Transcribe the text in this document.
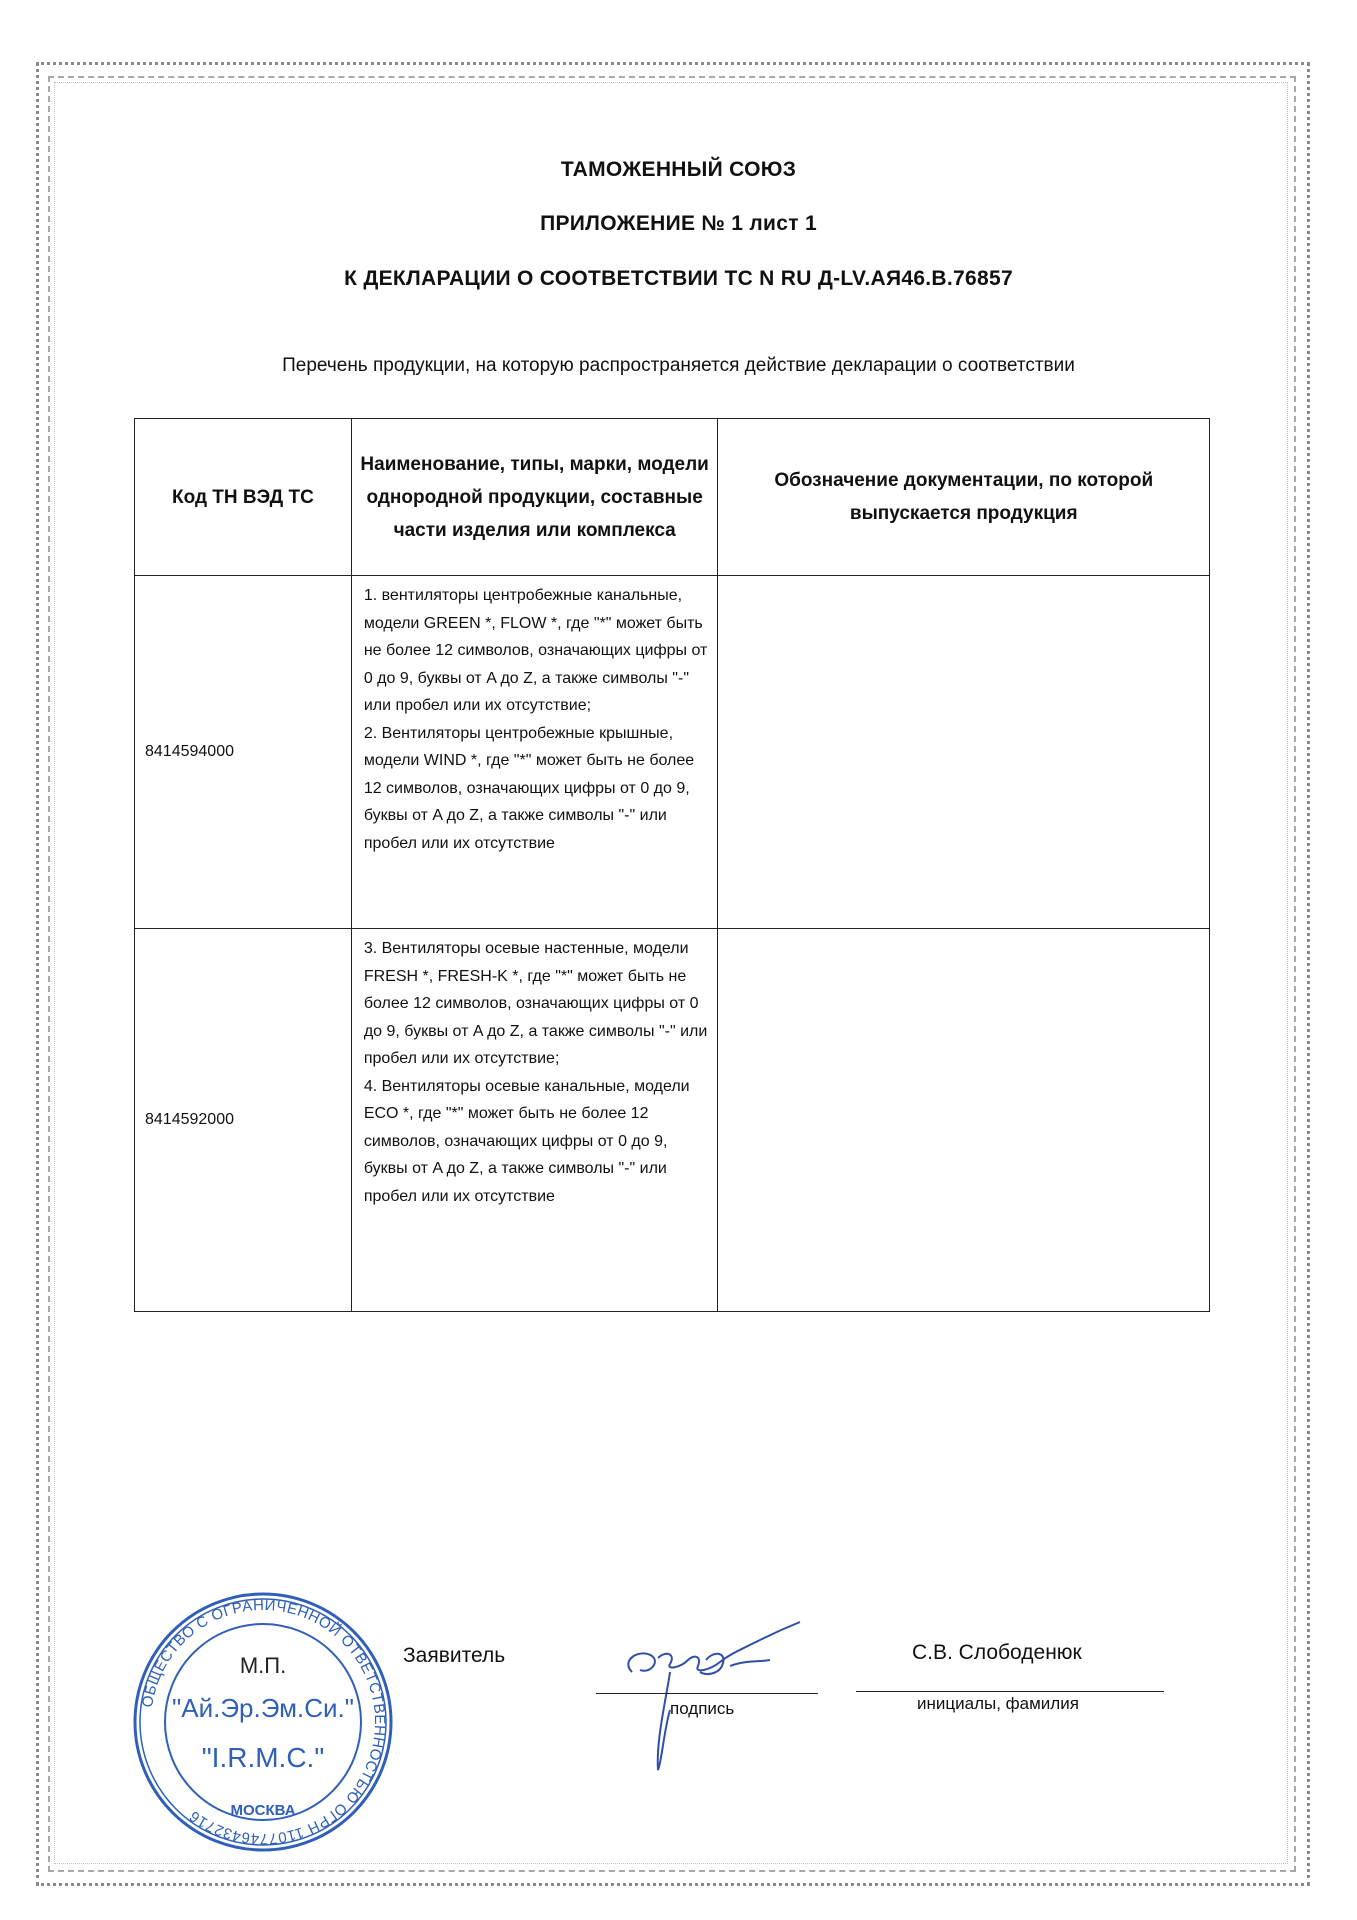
ТАМОЖЕННЫЙ СОЮЗ
ПРИЛОЖЕНИЕ № 1 лист 1
К ДЕКЛАРАЦИИ О СООТВЕТСТВИИ ТС N RU Д-LV.АЯ46.В.76857
Перечень продукции, на которую распространяется действие декларации о соответствии
Код ТН ВЭД ТС	Наименование, типы, марки, модели однородной продукции, составные части изделия или комплекса	Обозначение документации, по которой выпускается продукция
8414594000	1. вентиляторы центробежные канальные, модели GREEN *, FLOW *, где "*" может быть не более 12 символов, означающих цифры от 0 до 9, буквы от A до Z, а также символы "-" или пробел или их отсутствие;

2. Вентиляторы центробежные крышные, модели WIND *, где "*" может быть не более 12 символов, означающих цифры от 0 до 9, буквы от A до Z, а также символы "-" или пробел или их отсутствие	

8414592000	3. Вентиляторы осевые настенные, модели FRESH *, FRESH-K *, где "*" может быть не более 12 символов, означающих цифры от 0 до 9, буквы от A до Z, а также символы "-" или пробел или их отсутствие;

4. Вентиляторы осевые канальные, модели ECO *, где "*" может быть не более 12 символов, означающих цифры от 0 до 9, буквы от A до Z, а также символы "-" или пробел или их отсутствие	

ОБЩЕСТВО С ОГРАНИЧЕННОЙ ОТВЕТСТВЕННОСТЬЮ ОГРН 1107746432716
М.П.
"Ай.Эр.Эм.Си."
"I.R.M.C."
МОСКВА
Заявитель
подпись
С.В. Слободенюк
инициалы, фамилия
